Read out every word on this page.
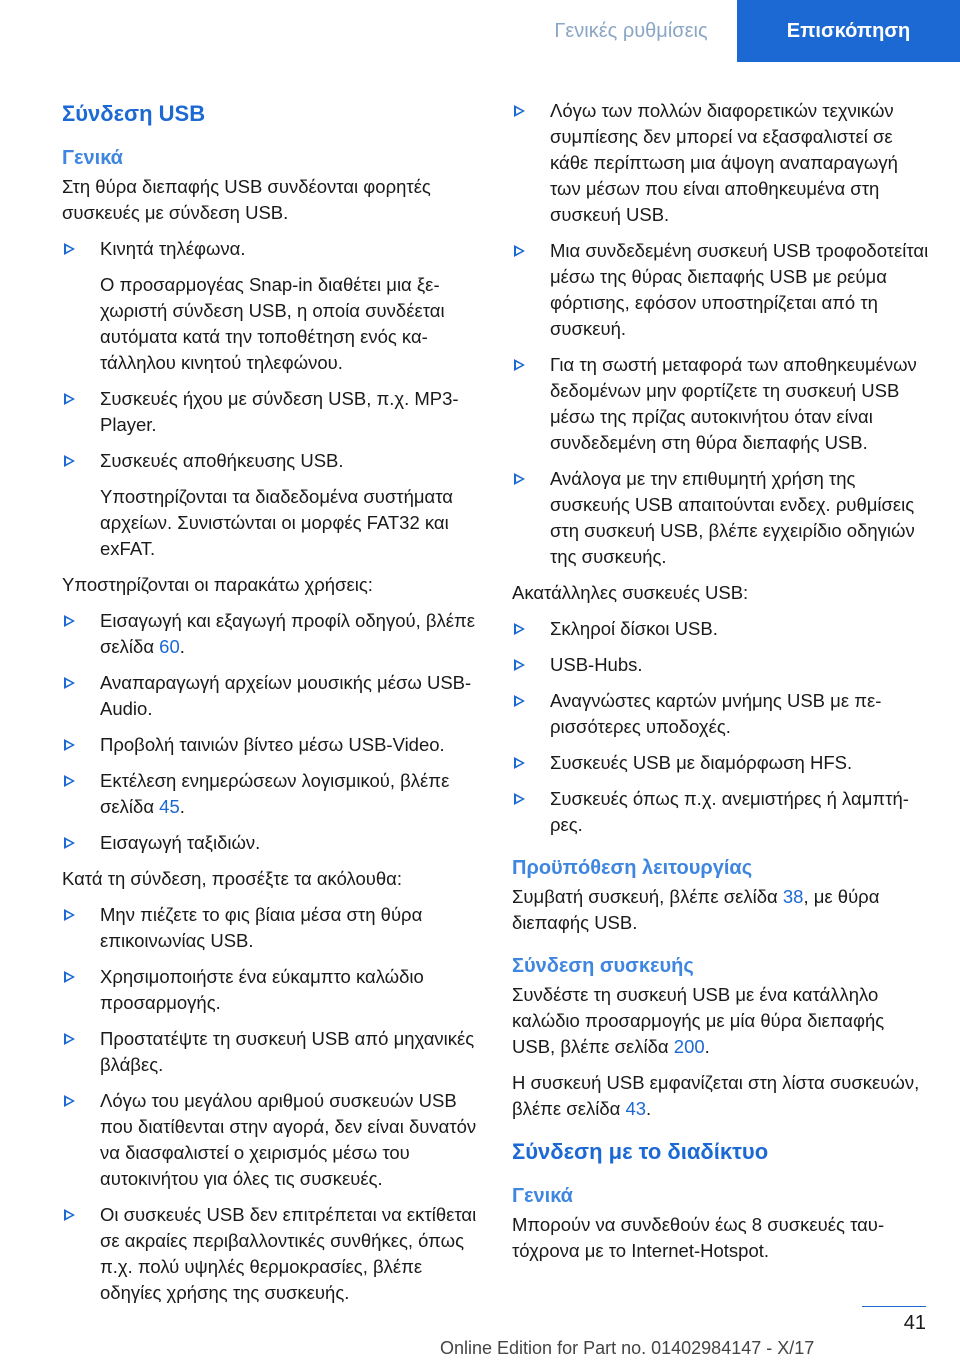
Γενικές ρυθμίσεις	Επισκόπηση
Σύνδεση USB
Γενικά

Στη θύρα διεπαφής USB συνδέονται φορητές συσκευές με σύνδεση USB.

Κινητά τηλέφωνα.

Ο προσαρμογέας Snap-in διαθέτει μια ξεχωριστή σύνδεση USB, η οποία συνδέεται αυτόματα κατά την τοποθέτηση ενός κατάλληλου κινητού τηλεφώνου.

Συσκευές ήχου με σύνδεση USB, π.χ. MP3-Player.
Συσκευές αποθήκευσης USB.

Υποστηρίζονται τα διαδεδομένα συστήματα αρχείων. Συνιστώνται οι μορφές FAT32 και exFAT.

Υποστηρίζονται οι παρακάτω χρήσεις:

Εισαγωγή και εξαγωγή προφίλ οδηγού, βλέπε σελίδα 60.
Αναπαραγωγή αρχείων μουσικής μέσω USB-Audio.
Προβολή ταινιών βίντεο μέσω USB-Video.
Εκτέλεση ενημερώσεων λογισμικού, βλέπε σελίδα 45.
Εισαγωγή ταξιδιών.

Κατά τη σύνδεση, προσέξτε τα ακόλουθα:

Μην πιέζετε το φις βίαια μέσα στη θύρα επικοινωνίας USB.
Χρησιμοποιήστε ένα εύκαμπτο καλώδιο προσαρμογής.
Προστατέψτε τη συσκευή USB από μηχανικές βλάβες.
Λόγω του μεγάλου αριθμού συσκευών USB που διατίθενται στην αγορά, δεν είναι δυνατόν να διασφαλιστεί ο χειρισμός μέσω του αυτοκινήτου για όλες τις συσκευές.
Οι συσκευές USB δεν επιτρέπεται να εκτίθεται σε ακραίες περιβαλλοντικές συνθήκες, όπως π.χ. πολύ υψηλές θερμοκρασίες, βλέπε οδηγίες χρήσης της συσκευής.
Λόγω των πολλών διαφορετικών τεχνικών συμπίεσης δεν μπορεί να εξασφαλιστεί σε κάθε περίπτωση μια άψογη αναπαραγωγή των μέσων που είναι αποθηκευμένα στη συσκευή USB.
Μια συνδεδεμένη συσκευή USB τροφοδοτείται μέσω της θύρας διεπαφής USB με ρεύμα φόρτισης, εφόσον υποστηρίζεται από τη συσκευή.
Για τη σωστή μεταφορά των αποθηκευμένων δεδομένων μην φορτίζετε τη συσκευή USB μέσω της πρίζας αυτοκινήτου όταν είναι συνδεδεμένη στη θύρα διεπαφής USB.
Ανάλογα με την επιθυμητή χρήση της συσκευής USB απαιτούνται ενδεχ. ρυθμίσεις στη συσκευή USB, βλέπε εγχειρίδιο οδηγιών της συσκευής.

Ακατάλληλες συσκευές USB:

Σκληροί δίσκοι USB.
USB-Hubs.
Αναγνώστες καρτών μνήμης USB με περισσότερες υποδοχές.
Συσκευές USB με διαμόρφωση HFS.
Συσκευές όπως π.χ. ανεμιστήρες ή λαμπτήρες.
Προϋπόθεση λειτουργίας

Συμβατή συσκευή, βλέπε σελίδα 38, με θύρα διεπαφής USB.

Σύνδεση συσκευής

Συνδέστε τη συσκευή USB με ένα κατάλληλο καλώδιο προσαρμογής με μία θύρα διεπαφής USB, βλέπε σελίδα 200.

Η συσκευή USB εμφανίζεται στη λίστα συσκευών, βλέπε σελίδα 43.

Σύνδεση με το διαδίκτυο
Γενικά

Μπορούν να συνδεθούν έως 8 συσκευές ταυτόχρονα με το Internet-Hotspot.

41
Online Edition for Part no. 01402984147 - X/17
